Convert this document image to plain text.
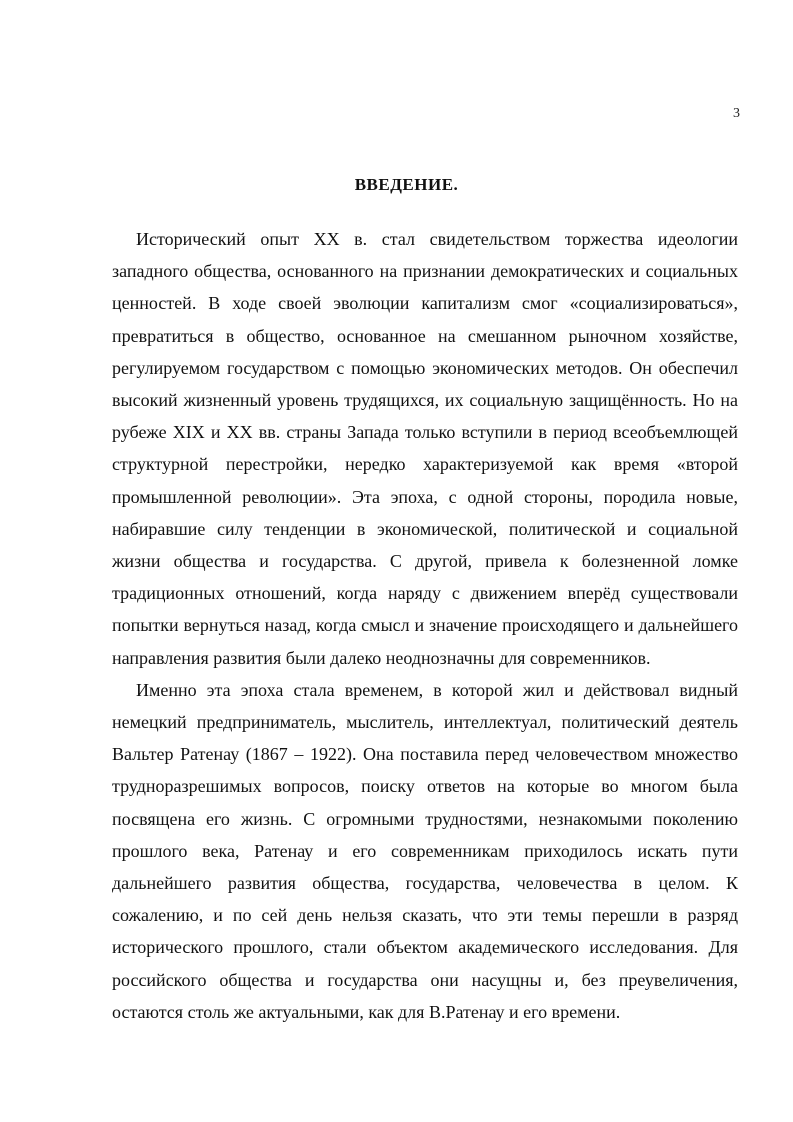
3
ВВЕДЕНИЕ.

Исторический опыт XX в. стал свидетельством торжества идеологии западного общества, основанного на признании демократических и социальных ценностей. В ходе своей эволюции капитализм смог «социализироваться», превратиться в общество, основанное на смешанном рыночном хозяйстве, регулируемом государством с помощью экономических методов. Он обеспечил высокий жизненный уровень трудящихся, их социальную защищённость. Но на рубеже XIX и XX вв. страны Запада только вступили в период всеобъемлющей структурной перестройки, нередко характеризуемой как время «второй промышленной революции». Эта эпоха, с одной стороны, породила новые, набиравшие силу тенденции в экономической, политической и социальной жизни общества и государства. С другой, привела к болезненной ломке традиционных отношений, когда наряду с движением вперёд существовали попытки вернуться назад, когда смысл и значение происходящего и дальнейшего направления развития были далеко неоднозначны для современников.

Именно эта эпоха стала временем, в которой жил и действовал видный немецкий предприниматель, мыслитель, интеллектуал, политический деятель Вальтер Ратенау (1867 – 1922). Она поставила перед человечеством множество трудноразрешимых вопросов, поиску ответов на которые во многом была посвящена его жизнь. С огромными трудностями, незнакомыми поколению прошлого века, Ратенау и его современникам приходилось искать пути дальнейшего развития общества, государства, человечества в целом. К сожалению, и по сей день нельзя сказать, что эти темы перешли в разряд исторического прошлого, стали объектом академического исследования. Для российского общества и государства они насущны и, без преувеличения, остаются столь же актуальными, как для В.Ратенау и его времени.
